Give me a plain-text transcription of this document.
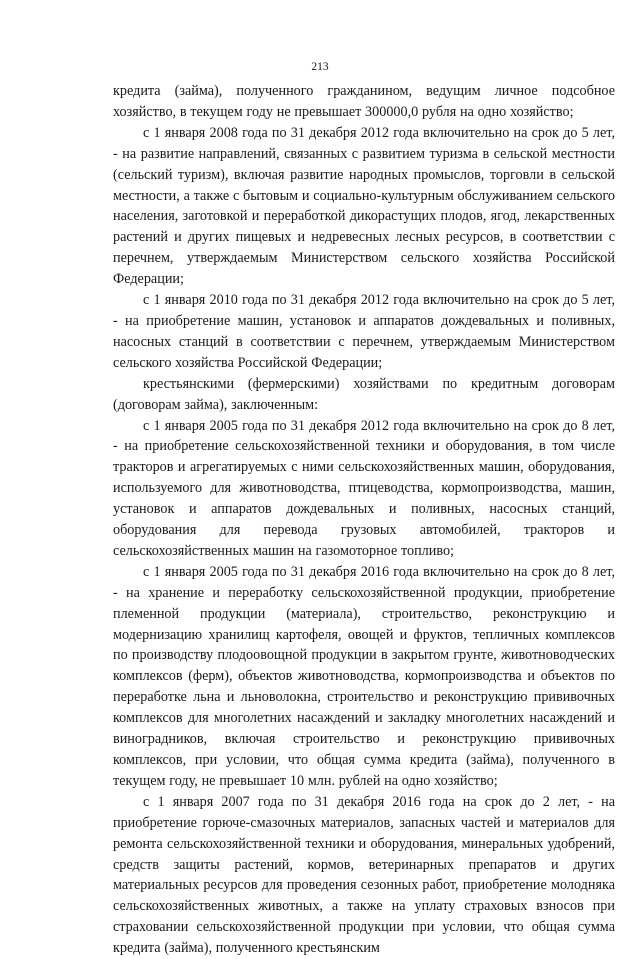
213

кредита (займа), полученного гражданином, ведущим личное подсобное хозяйство, в текущем году не превышает 300000,0 рубля на одно хозяйство;

с 1 января 2008 года по 31 декабря 2012 года включительно на срок до 5 лет, - на развитие направлений, связанных с развитием туризма в сельской местности (сельский туризм), включая развитие народных промыслов, торговли в сельской местности, а также с бытовым и социально-культурным обслуживанием сельского населения, заготовкой и переработкой дикорастущих плодов, ягод, лекарственных растений и других пищевых и недревесных лесных ресурсов, в соответствии с перечнем, утверждаемым Министерством сельского хозяйства Российской Федерации;

с 1 января 2010 года по 31 декабря 2012 года включительно на срок до 5 лет, - на приобретение машин, установок и аппаратов дождевальных и поливных, насосных станций в соответствии с перечнем, утверждаемым Министерством сельского хозяйства Российской Федерации;

крестьянскими (фермерскими) хозяйствами по кредитным договорам (договорам займа), заключенным:

с 1 января 2005 года по 31 декабря 2012 года включительно на срок до 8 лет, - на приобретение сельскохозяйственной техники и оборудования, в том числе тракторов и агрегатируемых с ними сельскохозяйственных машин, оборудования, используемого для животноводства, птицеводства, кормопроизводства, машин, установок и аппаратов дождевальных и поливных, насосных станций, оборудования для перевода грузовых автомобилей, тракторов и сельскохозяйственных машин на газомоторное топливо;

с 1 января 2005 года по 31 декабря 2016 года включительно на срок до 8 лет, - на хранение и переработку сельскохозяйственной продукции, приобретение племенной продукции (материала), строительство, реконструкцию и модернизацию хранилищ картофеля, овощей и фруктов, тепличных комплексов по производству плодоовощной продукции в закрытом грунте, животноводческих комплексов (ферм), объектов животноводства, кормопроизводства и объектов по переработке льна и льноволокна, строительство и реконструкцию прививочных комплексов для многолетних насаждений и закладку многолетних насаждений и виноградников, включая строительство и реконструкцию прививочных комплексов, при условии, что общая сумма кредита (займа), полученного в текущем году, не превышает 10 млн. рублей на одно хозяйство;

с 1 января 2007 года по 31 декабря 2016 года на срок до 2 лет, - на приобретение горюче-смазочных материалов, запасных частей и материалов для ремонта сельскохозяйственной техники и оборудования, минеральных удобрений, средств защиты растений, кормов, ветеринарных препаратов и других материальных ресурсов для проведения сезонных работ, приобретение молодняка сельскохозяйственных животных, а также на уплату страховых взносов при страховании сельскохозяйственной продукции при условии, что общая сумма кредита (займа), полученного крестьянским
